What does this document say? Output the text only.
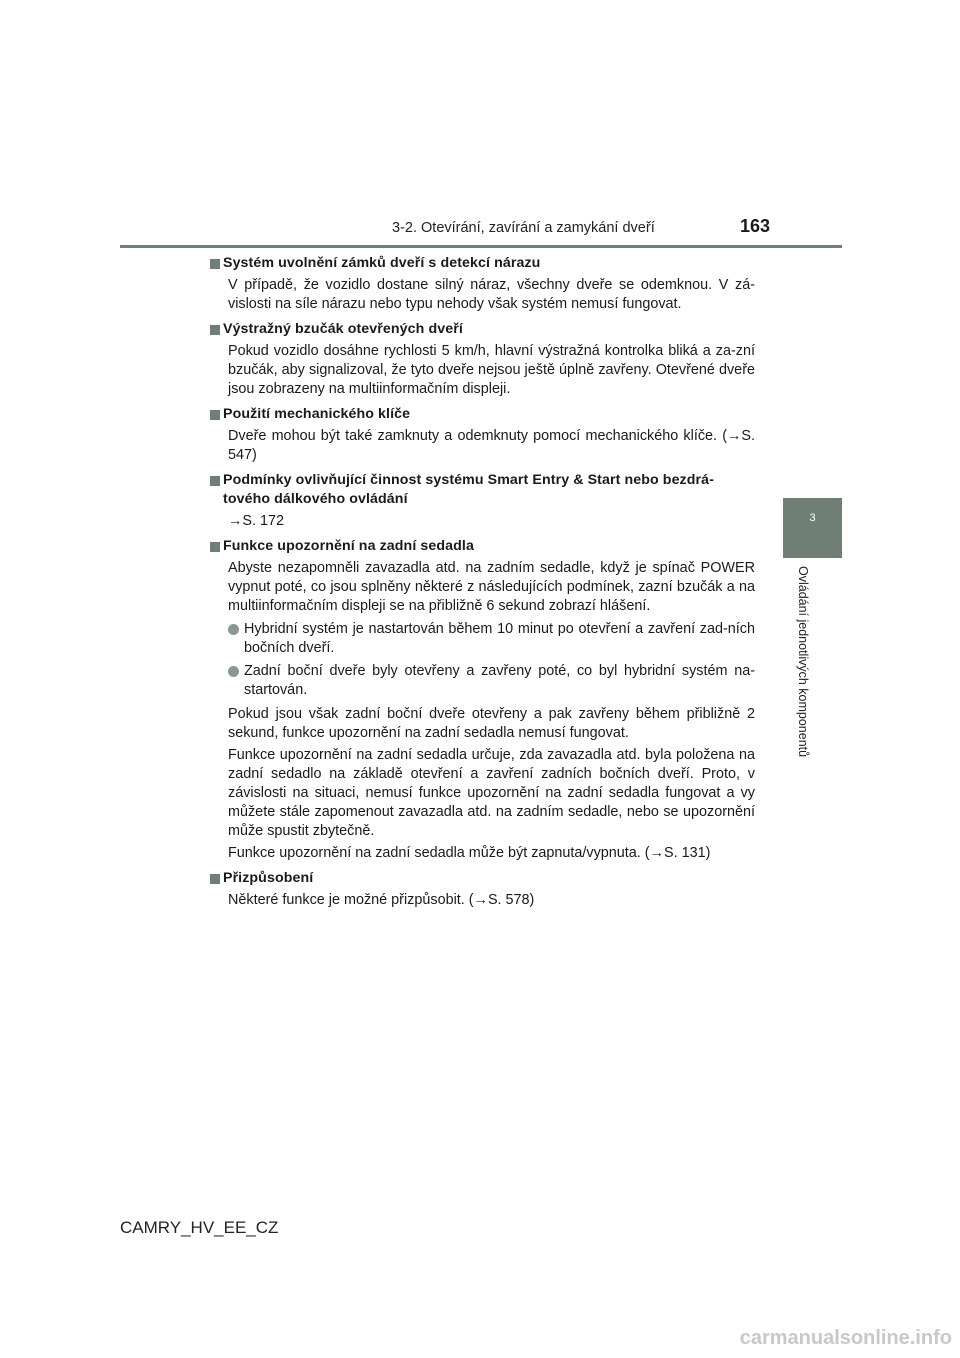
3-2. Otevírání, zavírání a zamykání dveří	163
3
Ovládání jednotlivých komponentů
Systém uvolnění zámků dveří s detekcí nárazu
V případě, že vozidlo dostane silný náraz, všechny dveře se odemknou. V zá-vislosti na síle nárazu nebo typu nehody však systém nemusí fungovat.
Výstražný bzučák otevřených dveří
Pokud vozidlo dosáhne rychlosti 5 km/h, hlavní výstražná kontrolka bliká a za-zní bzučák, aby signalizoval, že tyto dveře nejsou ještě úplně zavřeny. Otevřené dveře jsou zobrazeny na multiinformačním displeji.
Použití mechanického klíče
Dveře mohou být také zamknuty a odemknuty pomocí mechanického klíče. (→S. 547)
Podmínky ovlivňující činnost systému Smart Entry & Start nebo bezdrá-tového dálkového ovládání
→S. 172
Funkce upozornění na zadní sedadla
Abyste nezapomněli zavazadla atd. na zadním sedadle, když je spínač POWER vypnut poté, co jsou splněny některé z následujících podmínek, zazní bzučák a na multiinformačním displeji se na přibližně 6 sekund zobrazí hlášení.
Hybridní systém je nastartován během 10 minut po otevření a zavření zad-ních bočních dveří.
Zadní boční dveře byly otevřeny a zavřeny poté, co byl hybridní systém na-startován.
Pokud jsou však zadní boční dveře otevřeny a pak zavřeny během přibližně 2 sekund, funkce upozornění na zadní sedadla nemusí fungovat.
Funkce upozornění na zadní sedadla určuje, zda zavazadla atd. byla položena na zadní sedadlo na základě otevření a zavření zadních bočních dveří. Proto, v závislosti na situaci, nemusí funkce upozornění na zadní sedadla fungovat a vy můžete stále zapomenout zavazadla atd. na zadním sedadle, nebo se upozornění může spustit zbytečně.
Funkce upozornění na zadní sedadla může být zapnuta/vypnuta. (→S. 131)
Přizpůsobení
Některé funkce je možné přizpůsobit. (→S. 578)
CAMRY_HV_EE_CZ
carmanualsonline.info
